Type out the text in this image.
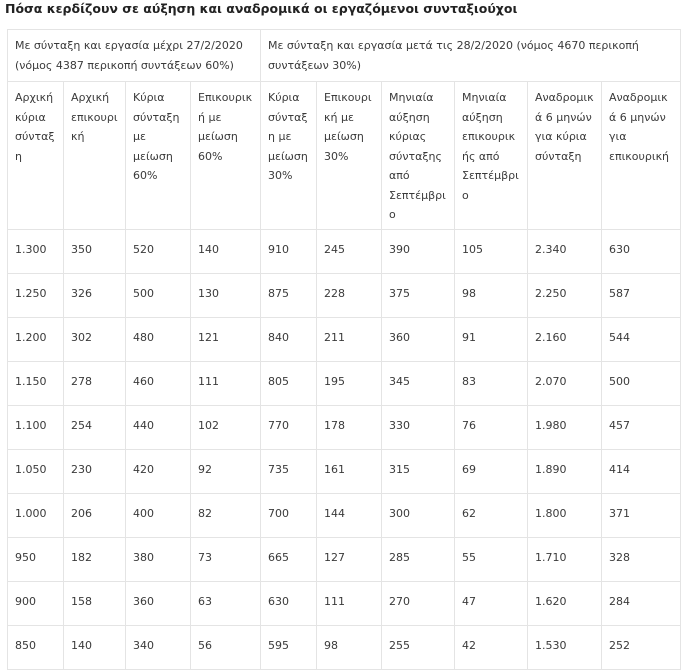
Πόσα κερδίζουν σε αύξηση και αναδρομικά οι εργαζόμενοι συνταξιούχοι
Με σύνταξη και εργασία μέχρι 27/2/2020 (νόμος 4387 περικοπή συντάξεων 60%)				Με σύνταξη και εργασία μετά τις 28/2/2020 (νόμος 4670 περικοπή συντάξεων 30%)					
Αρχική κύρια σύνταξη	Αρχική επικουρική	Κύρια σύνταξη με μείωση 60%	Επικουρική με μείωση 60%	Κύρια σύνταξη με μείωση 30%	Επικουρική με μείωση 30%	Μηνιαία αύξηση κύριας σύνταξης από Σεπτέμβριο	Μηνιαία αύξηση επικουρικής από Σεπτέμβριο	Αναδρομικά 6 μηνών για κύρια σύνταξη	Αναδρομικά 6 μηνών για επικουρική
1.300	350	520	140	910	245	390	105	2.340	630
1.250	326	500	130	875	228	375	98	2.250	587
1.200	302	480	121	840	211	360	91	2.160	544
1.150	278	460	111	805	195	345	83	2.070	500
1.100	254	440	102	770	178	330	76	1.980	457
1.050	230	420	92	735	161	315	69	1.890	414
1.000	206	400	82	700	144	300	62	1.800	371
950	182	380	73	665	127	285	55	1.710	328
900	158	360	63	630	111	270	47	1.620	284
850	140	340	56	595	98	255	42	1.530	252
